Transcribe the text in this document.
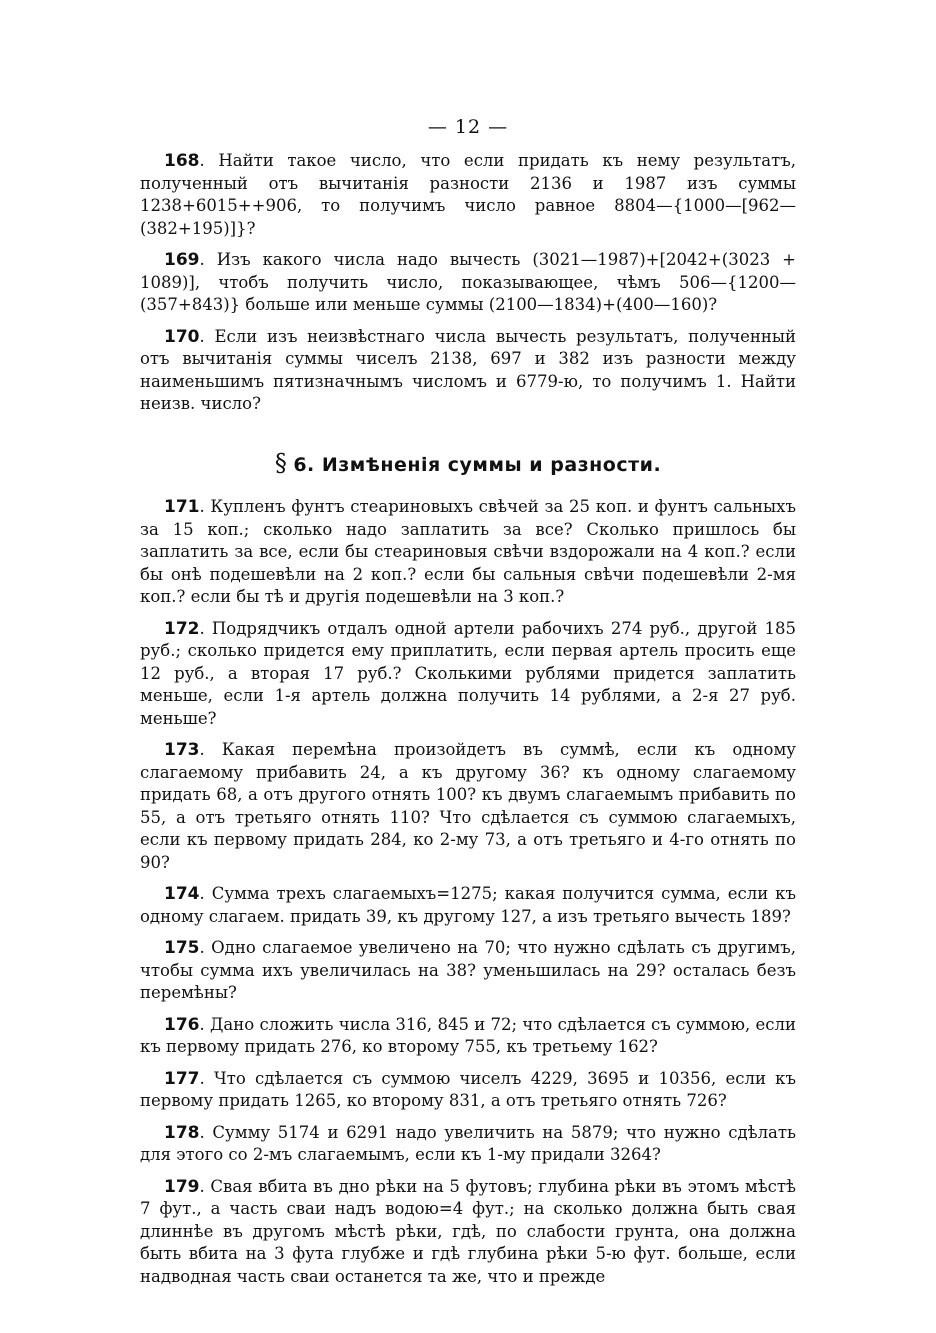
— 12 —

168. Найти такое число, что если придать къ нему результатъ, полученный отъ вычитанія разности 2136 и 1987 изъ суммы 1238+6015++906, то получимъ число равное 8804—{1000—[962—(382+195)]}?

169. Изъ какого числа надо вычесть (3021—1987)+[2042+(3023 + 1089)], чтобъ получить число, показывающее, чѣмъ 506—{1200—(357+843)} больше или меньше суммы (2100—1834)+(400—160)?

170. Если изъ неизвѣстнаго числа вычесть результатъ, полученный отъ вычитанія суммы чиселъ 2138, 697 и 382 изъ разности между наименьшимъ пятизначнымъ числомъ и 6779-ю, то получимъ 1. Найти неизв. число?

§ 6. Измѣненія суммы и разности.

171. Купленъ фунтъ стеариновыхъ свѣчей за 25 коп. и фунтъ сальныхъ за 15 коп.; сколько надо заплатить за все? Сколько пришлось бы заплатить за все, если бы стеариновыя свѣчи вздорожали на 4 коп.? если бы онѣ подешевѣли на 2 коп.? если бы сальныя свѣчи подешевѣли 2-мя коп.? если бы тѣ и другія подешевѣли на 3 коп.?

172. Подрядчикъ отдалъ одной артели рабочихъ 274 руб., другой 185 руб.; сколько придется ему приплатить, если первая артель просить еще 12 руб., а вторая 17 руб.? Сколькими рублями придется заплатить меньше, если 1-я артель должна получить 14 рублями, а 2-я 27 руб. меньше?

173. Какая перемѣна произойдетъ въ суммѣ, если къ одному слагаемому прибавить 24, а къ другому 36? къ одному слагаемому придать 68, а отъ другого отнять 100? къ двумъ слагаемымъ прибавить по 55, а отъ третьяго отнять 110? Что сдѣлается съ суммою слагаемыхъ, если къ первому придать 284, ко 2-му 73, а отъ третьяго и 4-го отнять по 90?

174. Сумма трехъ слагаемыхъ=1275; какая получится сумма, если къ одному слагаем. придать 39, къ другому 127, а изъ третьяго вычесть 189?

175. Одно слагаемое увеличено на 70; что нужно сдѣлать съ другимъ, чтобы сумма ихъ увеличилась на 38? уменьшилась на 29? осталась безъ перемѣны?

176. Дано сложить числа 316, 845 и 72; что сдѣлается съ суммою, если къ первому придать 276, ко второму 755, къ третьему 162?

177. Что сдѣлается съ суммою чиселъ 4229, 3695 и 10356, если къ первому придать 1265, ко второму 831, а отъ третьяго отнять 726?

178. Сумму 5174 и 6291 надо увеличить на 5879; что нужно сдѣлать для этого со 2-мъ слагаемымъ, если къ 1-му придали 3264?

179. Свая вбита въ дно рѣки на 5 футовъ; глубина рѣки въ этомъ мѣстѣ 7 фут., а часть сваи надъ водою=4 фут.; на сколько должна быть свая длиннѣе въ другомъ мѣстѣ рѣки, гдѣ, по слабости грунта, она должна быть вбита на 3 фута глубже и гдѣ глубина рѣки 5-ю фут. больше, если надводная часть сваи останется та же, что и прежде
